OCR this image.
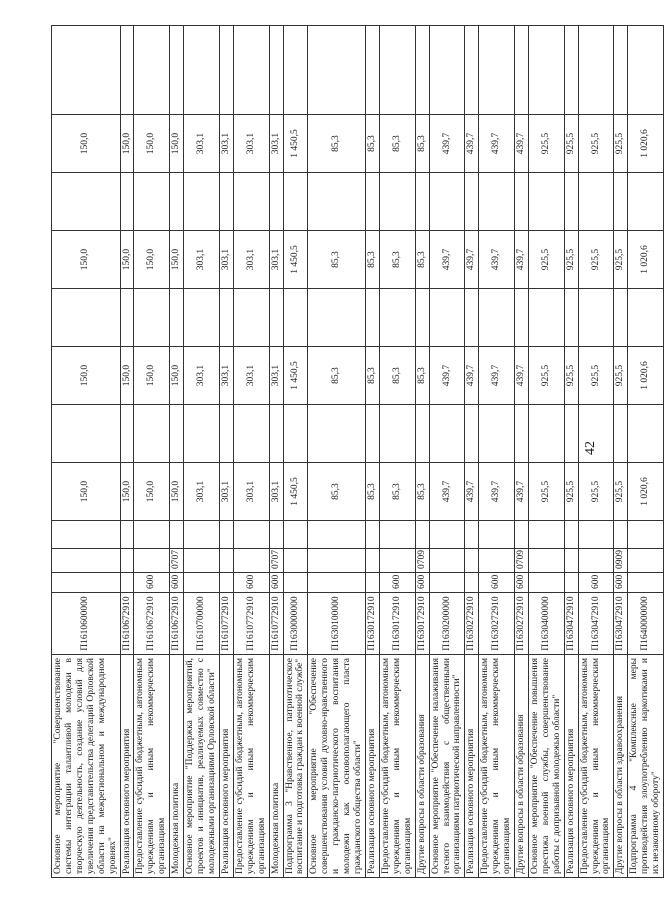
42
Основное мероприятие "Совершенствование системы интеграции талантливой молодежи в творческую деятельность, создание условий для увеличения представительства делегаций Орловской области на межрегиональном и международном уровнях"	П1610600000				150,0		150,0		150,0		150,0	
Реализация основного мероприятия	П1610672910				150,0		150,0		150,0		150,0	
Предоставление субсидий бюджетным, автономным учреждениям и иным некоммерческим организациям	П1610672910	600			150,0		150,0		150,0		150,0	
Молодежная политика	П1610672910	600	0707		150,0		150,0		150,0		150,0	
Основное мероприятие "Поддержка мероприятий, проектов и инициатив, реализуемых совместно с молодежными организациями Орловской области"	П1610700000				303,1		303,1		303,1		303,1	
Реализация основного мероприятия	П1610772910				303,1		303,1		303,1		303,1	
Предоставление субсидий бюджетным, автономным учреждениям и иным некоммерческим организациям	П1610772910	600			303,1		303,1		303,1		303,1	
Молодежная политика	П1610772910	600	0707		303,1		303,1		303,1		303,1	
Подпрограмма 3 "Нравственное, патриотическое воспитание и подготовка граждан к военной службе"	П1630000000				1 450,5		1 450,5		1 450,5		1 450,5	
Основное мероприятие "Обеспечение совершенствования условий духовно-нравственного и гражданско-патриотического воспитания молодежи как основополагающего пласта гражданского общества области"	П1630100000				85,3		85,3		85,3		85,3	
Реализация основного мероприятия	П1630172910				85,3		85,3		85,3		85,3	
Предоставление субсидий бюджетным, автономным учреждениям и иным некоммерческим организациям	П1630172910	600			85,3		85,3		85,3		85,3	
Другие вопросы в области образования	П1630172910	600	0709		85,3		85,3		85,3		85,3	
Основное мероприятие "Обеспечение налаживания тесного взаимодействия с общественными организациями патриотической направленности"	П1630200000				439,7		439,7		439,7		439,7	
Реализация основного мероприятия	П1630272910				439,7		439,7		439,7		439,7	
Предоставление субсидий бюджетным, автономным учреждениям и иным некоммерческим организациям	П1630272910	600			439,7		439,7		439,7		439,7	
Другие вопросы в области образования	П1630272910	600	0709		439,7		439,7		439,7		439,7	
Основное мероприятие "Обеспечение повышения престижа военной службы, совершенствование работы с допризывной молодежью области"	П1630400000				925,5		925,5		925,5		925,5	
Реализация основного мероприятия	П1630472910				925,5		925,5		925,5		925,5	
Предоставление субсидий бюджетным, автономным учреждениям и иным некоммерческим организациям	П1630472910	600			925,5		925,5		925,5		925,5	
Другие вопросы в области здравоохранения	П1630472910	600	0909		925,5		925,5		925,5		925,5	
Подпрограмма 4 "Комплексные меры противодействия злоупотреблению наркотиками и их незаконному обороту"	П1640000000				1 020,6		1 020,6		1 020,6		1 020,6	
